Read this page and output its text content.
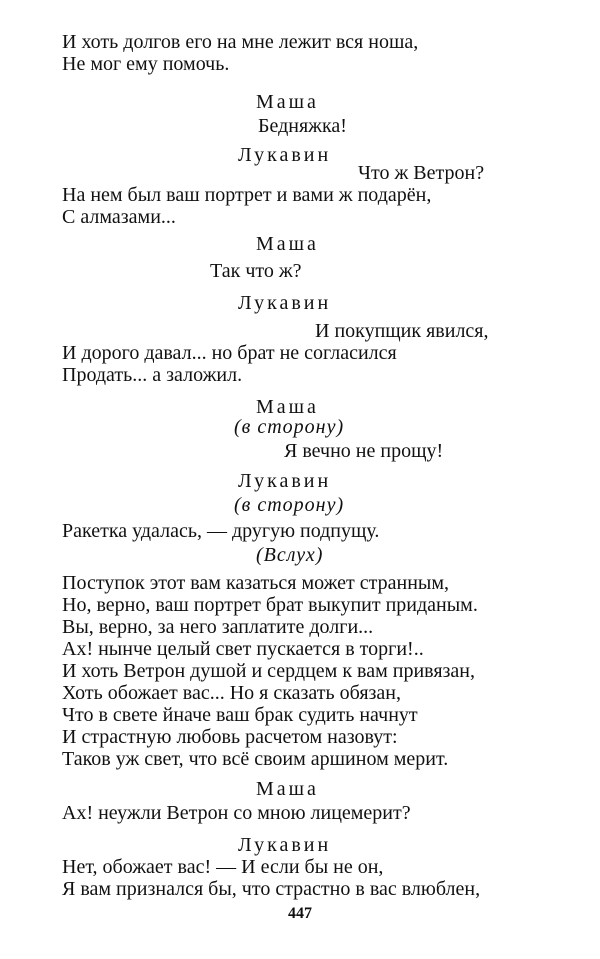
И хоть долгов его на мне лежит вся ноша,
Не мог ему помочь.
Маша
Бедняжка!
Лукавин
Что ж Ветрон?
На нем был ваш портрет и вами ж подарён,
С алмазами...
Маша
Так что ж?
Лукавин
И покупщик явился,
И дорого давал... но брат не согласился
Продать... а заложил.
Маша
(в сторону)
Я вечно не прощу!
Лукавин
(в сторону)
Ракетка удалась, — другую подпущу.
(Вслух)
Поступок этот вам казаться может странным,
Но, верно, ваш портрет брат выкупит приданым.
Вы, верно, за него заплатите долги...
Ах! нынче целый свет пускается в торги!..
И хоть Ветрон душой и сердцем к вам привязан,
Хоть обожает вас... Но я сказать обязан,
Что в свете йначе ваш брак судить начнут
И страстную любовь расчетом назовут:
Таков уж свет, что всё своим аршином мерит.
Маша
Ах! неужли Ветрон со мною лицемерит?
Лукавин
Нет, обожает вас! — И если бы не он,
Я вам признался бы, что страстно в вас влюблен,
447
